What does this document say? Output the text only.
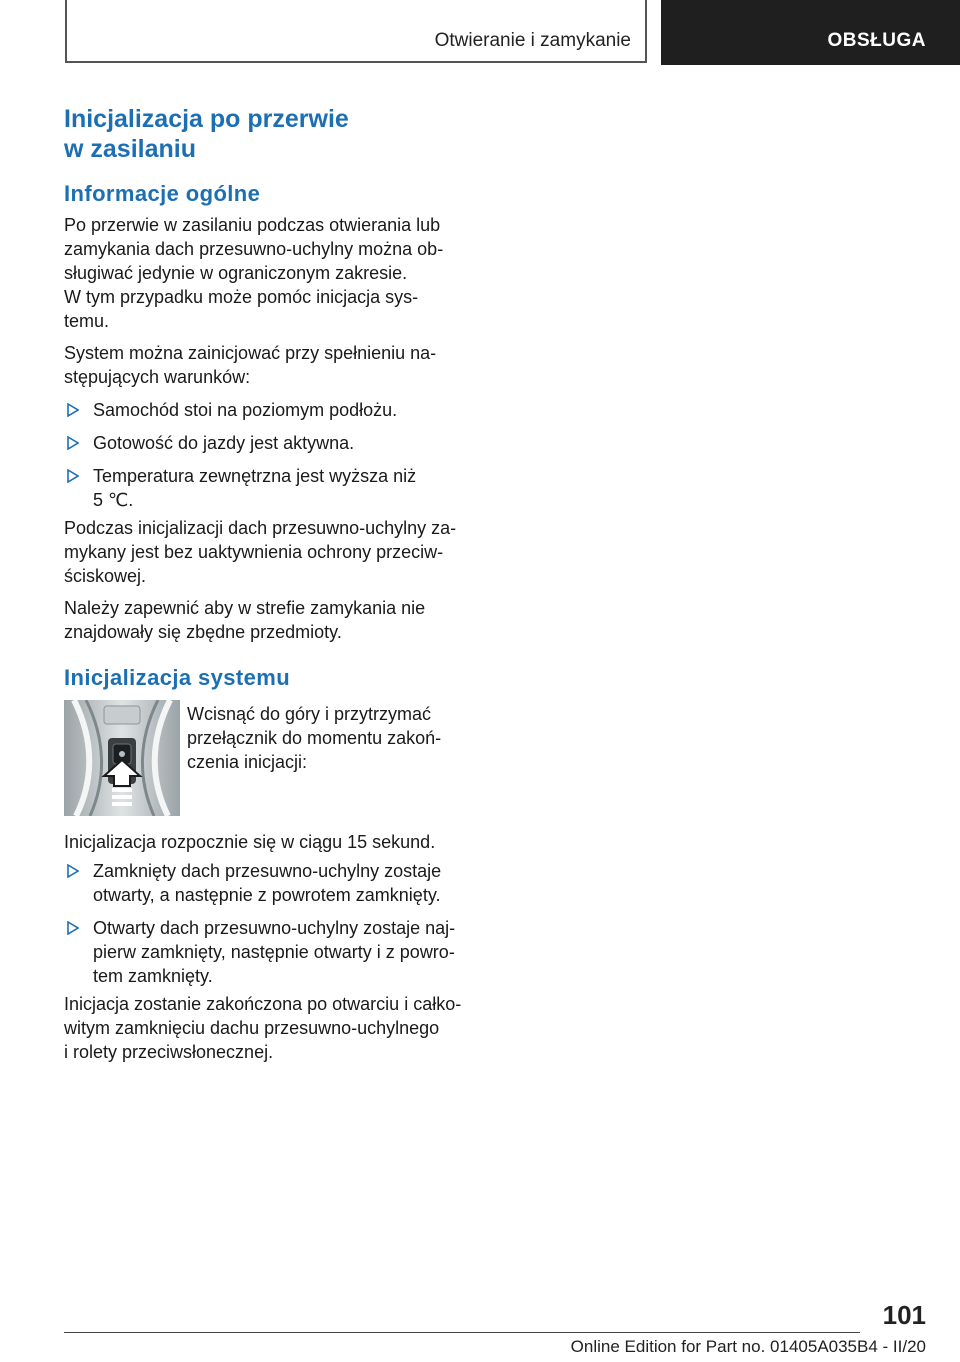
Otwieranie i zamykanie	OBSŁUGA
Inicjalizacja po przerwie
w zasilaniu
Informacje ogólne

Po przerwie w zasilaniu podczas otwierania lub
zamykania dach przesuwno-uchylny można ob-
sługiwać jedynie w ograniczonym zakresie.
W tym przypadku może pomóc inicjacja sys-
temu.

System można zainicjować przy spełnieniu na-
stępujących warunków:

Samochód stoi na poziomym podłożu.
Gotowość do jazdy jest aktywna.
Temperatura zewnętrzna jest wyższa niż
5 ℃.

Podczas inicjalizacji dach przesuwno-uchylny za-
mykany jest bez uaktywnienia ochrony przeciw-
ściskowej.

Należy zapewnić aby w strefie zamykania nie
znajdowały się zbędne przedmioty.

Inicjalizacja systemu

Wcisnąć do góry i przytrzymać
przełącznik do momentu zakoń-
czenia inicjacji:

Inicjalizacja rozpocznie się w ciągu 15 sekund.

Zamknięty dach przesuwno-uchylny zostaje
otwarty, a następnie z powrotem zamknięty.
Otwarty dach przesuwno-uchylny zostaje naj-
pierw zamknięty, następnie otwarty i z powro-
tem zamknięty.

Inicjacja zostanie zakończona po otwarciu i całko-
witym zamknięciu dachu przesuwno-uchylnego
i rolety przeciwsłonecznej.

101
Online Edition for Part no. 01405A035B4 - II/20
